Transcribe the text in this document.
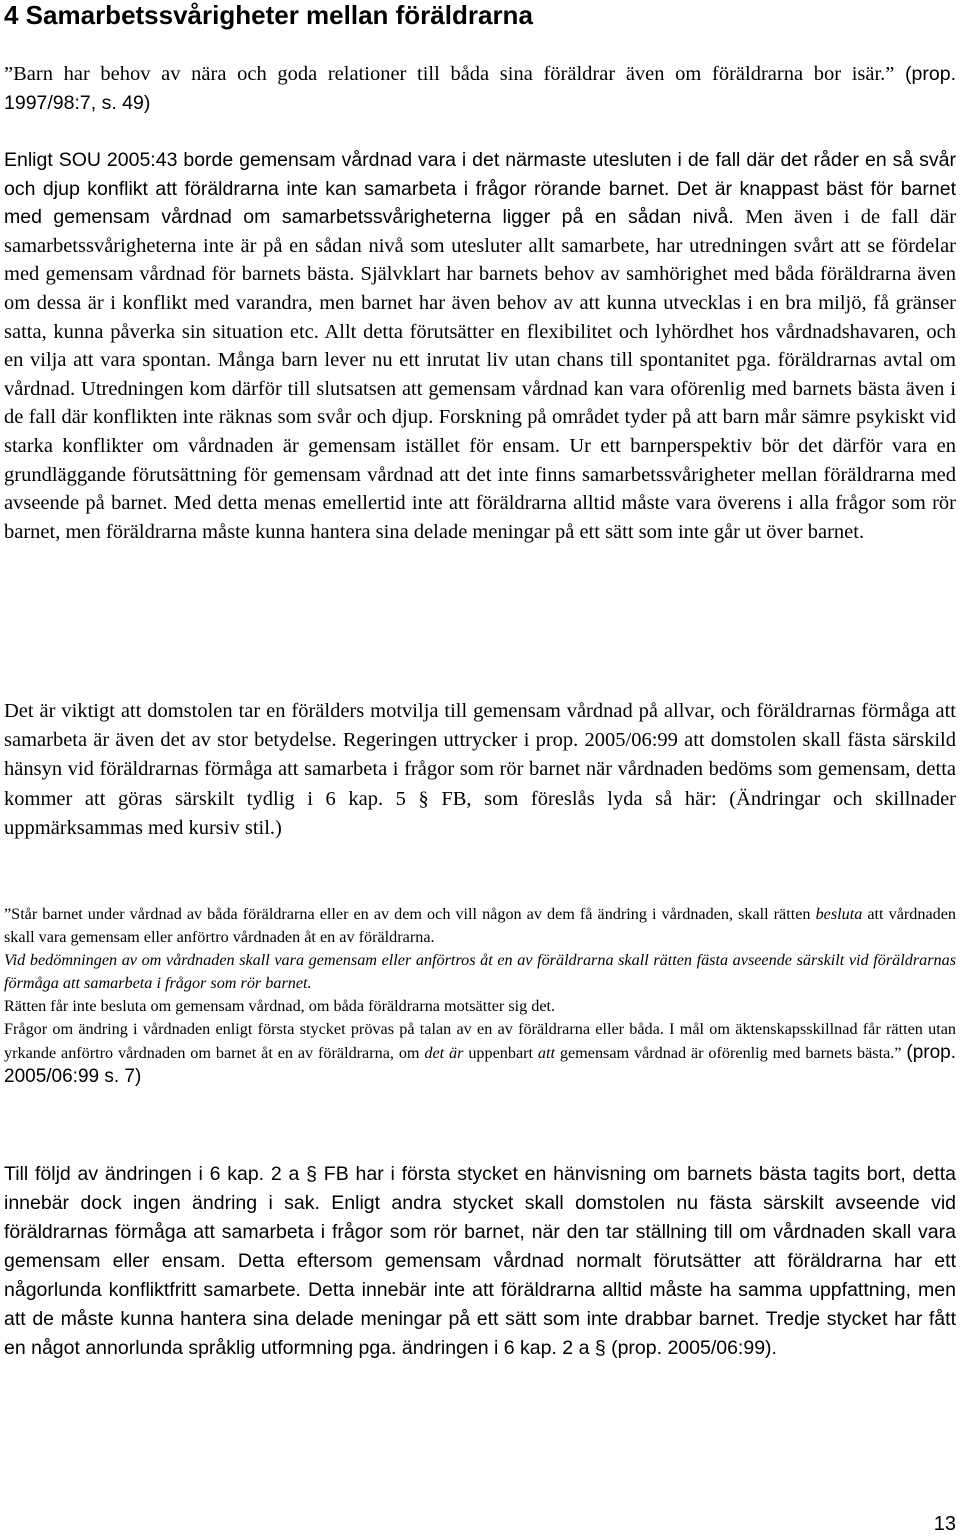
4 Samarbetssvårigheter mellan föräldrarna
”Barn har behov av nära och goda relationer till båda sina föräldrar även om föräldrarna bor isär.” (prop. 1997/98:7, s. 49)

Enligt SOU 2005:43 borde gemensam vårdnad vara i det närmaste utesluten i de fall där det råder en så svår och djup konflikt att föräldrarna inte kan samarbeta i frågor rörande barnet. Det är knappast bäst för barnet med gemensam vårdnad om samarbetssvårigheterna ligger på en sådan nivå. Men även i de fall där samarbetssvårigheterna inte är på en sådan nivå som utesluter allt samarbete, har utredningen svårt att se fördelar med gemensam vårdnad för barnets bästa. Självklart har barnets behov av samhörighet med båda föräldrarna även om dessa är i konflikt med varandra, men barnet har även behov av att kunna utvecklas i en bra miljö, få gränser satta, kunna påverka sin situation etc. Allt detta förutsätter en flexibilitet och lyhördhet hos vårdnadshavaren, och en vilja att vara spontan. Många barn lever nu ett inrutat liv utan chans till spontanitet pga. föräldrarnas avtal om vårdnad. Utredningen kom därför till slutsatsen att gemensam vårdnad kan vara oförenlig med barnets bästa även i de fall där konflikten inte räknas som svår och djup. Forskning på området tyder på att barn mår sämre psykiskt vid starka konflikter om vårdnaden är gemensam istället för ensam. Ur ett barnperspektiv bör det därför vara en grundläggande förutsättning för gemensam vårdnad att det inte finns samarbetssvårigheter mellan föräldrarna med avseende på barnet. Med detta menas emellertid inte att föräldrarna alltid måste vara överens i alla frågor som rör barnet, men föräldrarna måste kunna hantera sina delade meningar på ett sätt som inte går ut över barnet.

Det är viktigt att domstolen tar en förälders motvilja till gemensam vårdnad på allvar, och föräldrarnas förmåga att samarbeta är även det av stor betydelse. Regeringen uttrycker i prop. 2005/06:99 att domstolen skall fästa särskild hänsyn vid föräldrarnas förmåga att samarbeta i frågor som rör barnet när vårdnaden bedöms som gemensam, detta kommer att göras särskilt tydlig i 6 kap. 5 § FB, som föreslås lyda så här: (Ändringar och skillnader uppmärksammas med kursiv stil.)

”Står barnet under vårdnad av båda föräldrarna eller en av dem och vill någon av dem få ändring i vårdnaden, skall rätten besluta att vårdnaden skall vara gemensam eller anförtro vårdnaden åt en av föräldrarna.
Vid bedömningen av om vårdnaden skall vara gemensam eller anförtros åt en av föräldrarna skall rätten fästa avseende särskilt vid föräldrarnas förmåga att samarbeta i frågor som rör barnet.
Rätten får inte besluta om gemensam vårdnad, om båda föräldrarna motsätter sig det.
Frågor om ändring i vårdnaden enligt första stycket prövas på talan av en av föräldrarna eller båda. I mål om äktenskapsskillnad får rätten utan yrkande anförtro vårdnaden om barnet åt en av föräldrarna, om det är uppenbart att gemensam vårdnad är oförenlig med barnets bästa.” (prop. 2005/06:99 s. 7)

Till följd av ändringen i 6 kap. 2 a § FB har i första stycket en hänvisning om barnets bästa tagits bort, detta innebär dock ingen ändring i sak. Enligt andra stycket skall domstolen nu fästa särskilt avseende vid föräldrarnas förmåga att samarbeta i frågor som rör barnet, när den tar ställning till om vårdnaden skall vara gemensam eller ensam. Detta eftersom gemensam vårdnad normalt förutsätter att föräldrarna har ett någorlunda konfliktfritt samarbete. Detta innebär inte att föräldrarna alltid måste ha samma uppfattning, men att de måste kunna hantera sina delade meningar på ett sätt som inte drabbar barnet. Tredje stycket har fått en något annorlunda språklig utformning pga. ändringen i 6 kap. 2 a § (prop. 2005/06:99).

13
